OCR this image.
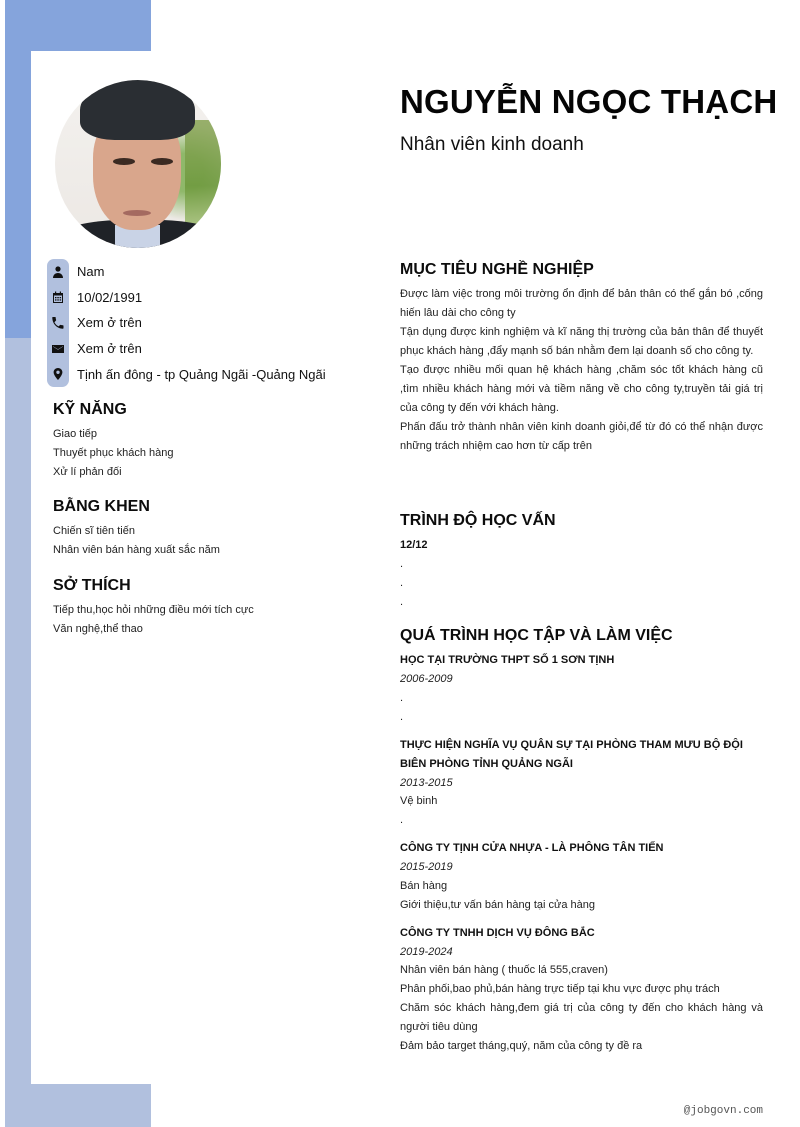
Nam
10/02/1991
Xem ở trên
Xem ở trên
Tịnh ấn đông - tp Quảng Ngãi -Quảng Ngãi
KỸ NĂNG
Giao tiếp
Thuyết phục khách hàng
Xử lí phản đối
BẰNG KHEN
Chiến sĩ tiên tiến
Nhân viên bán hàng xuất sắc năm
SỞ THÍCH
Tiếp thu,học hỏi những điều mới tích cực
Văn nghệ,thể thao
NGUYỄN NGỌC THẠCH
Nhân viên kinh doanh
MỤC TIÊU NGHỀ NGHIỆP
Được làm việc trong môi trường ổn định để bản thân có thể gắn bó ,cống hiến lâu dài cho công ty
Tận dụng được kinh nghiệm và kĩ năng thị trường của bản thân để thuyết phục khách hàng ,đẩy mạnh số bán nhằm đem lại doanh số cho công ty.
Tạo được nhiều mối quan hệ khách hàng ,chăm sóc tốt khách hàng cũ ,tìm nhiều khách hàng mới và tiềm năng về cho công ty,truyền tải giá trị của công ty đến với khách hàng.
Phấn đấu trở thành nhân viên kinh doanh giỏi,để từ đó có thể nhận được những trách nhiệm cao hơn từ cấp trên
TRÌNH ĐỘ HỌC VẤN
12/12
.
.
.
QUÁ TRÌNH HỌC TẬP VÀ LÀM VIỆC
HỌC TẠI TRƯỜNG THPT SỐ 1 SƠN TỊNH
2006-2009
.
.
THỰC HIỆN NGHĨA VỤ QUÂN SỰ TẠI PHÒNG THAM MƯU BỘ ĐỘI BIÊN PHÒNG TỈNH QUẢNG NGÃI
2013-2015
Vệ binh
.
CÔNG TY TỊNH CỬA NHỰA - LÀ PHÔNG TÂN TIẾN
2015-2019
Bán hàng
Giới thiệu,tư vấn bán hàng tại cửa hàng
CÔNG TY TNHH DỊCH VỤ ĐÔNG BẮC
2019-2024
Nhân viên bán hàng ( thuốc lá 555,craven)
Phân phối,bao phủ,bán hàng trực tiếp tại khu vực được phụ trách
Chăm sóc khách hàng,đem giá trị của công ty đến cho khách hàng và người tiêu dùng
Đảm bảo target tháng,quý, năm của công ty đề ra
@jobgovn.com
